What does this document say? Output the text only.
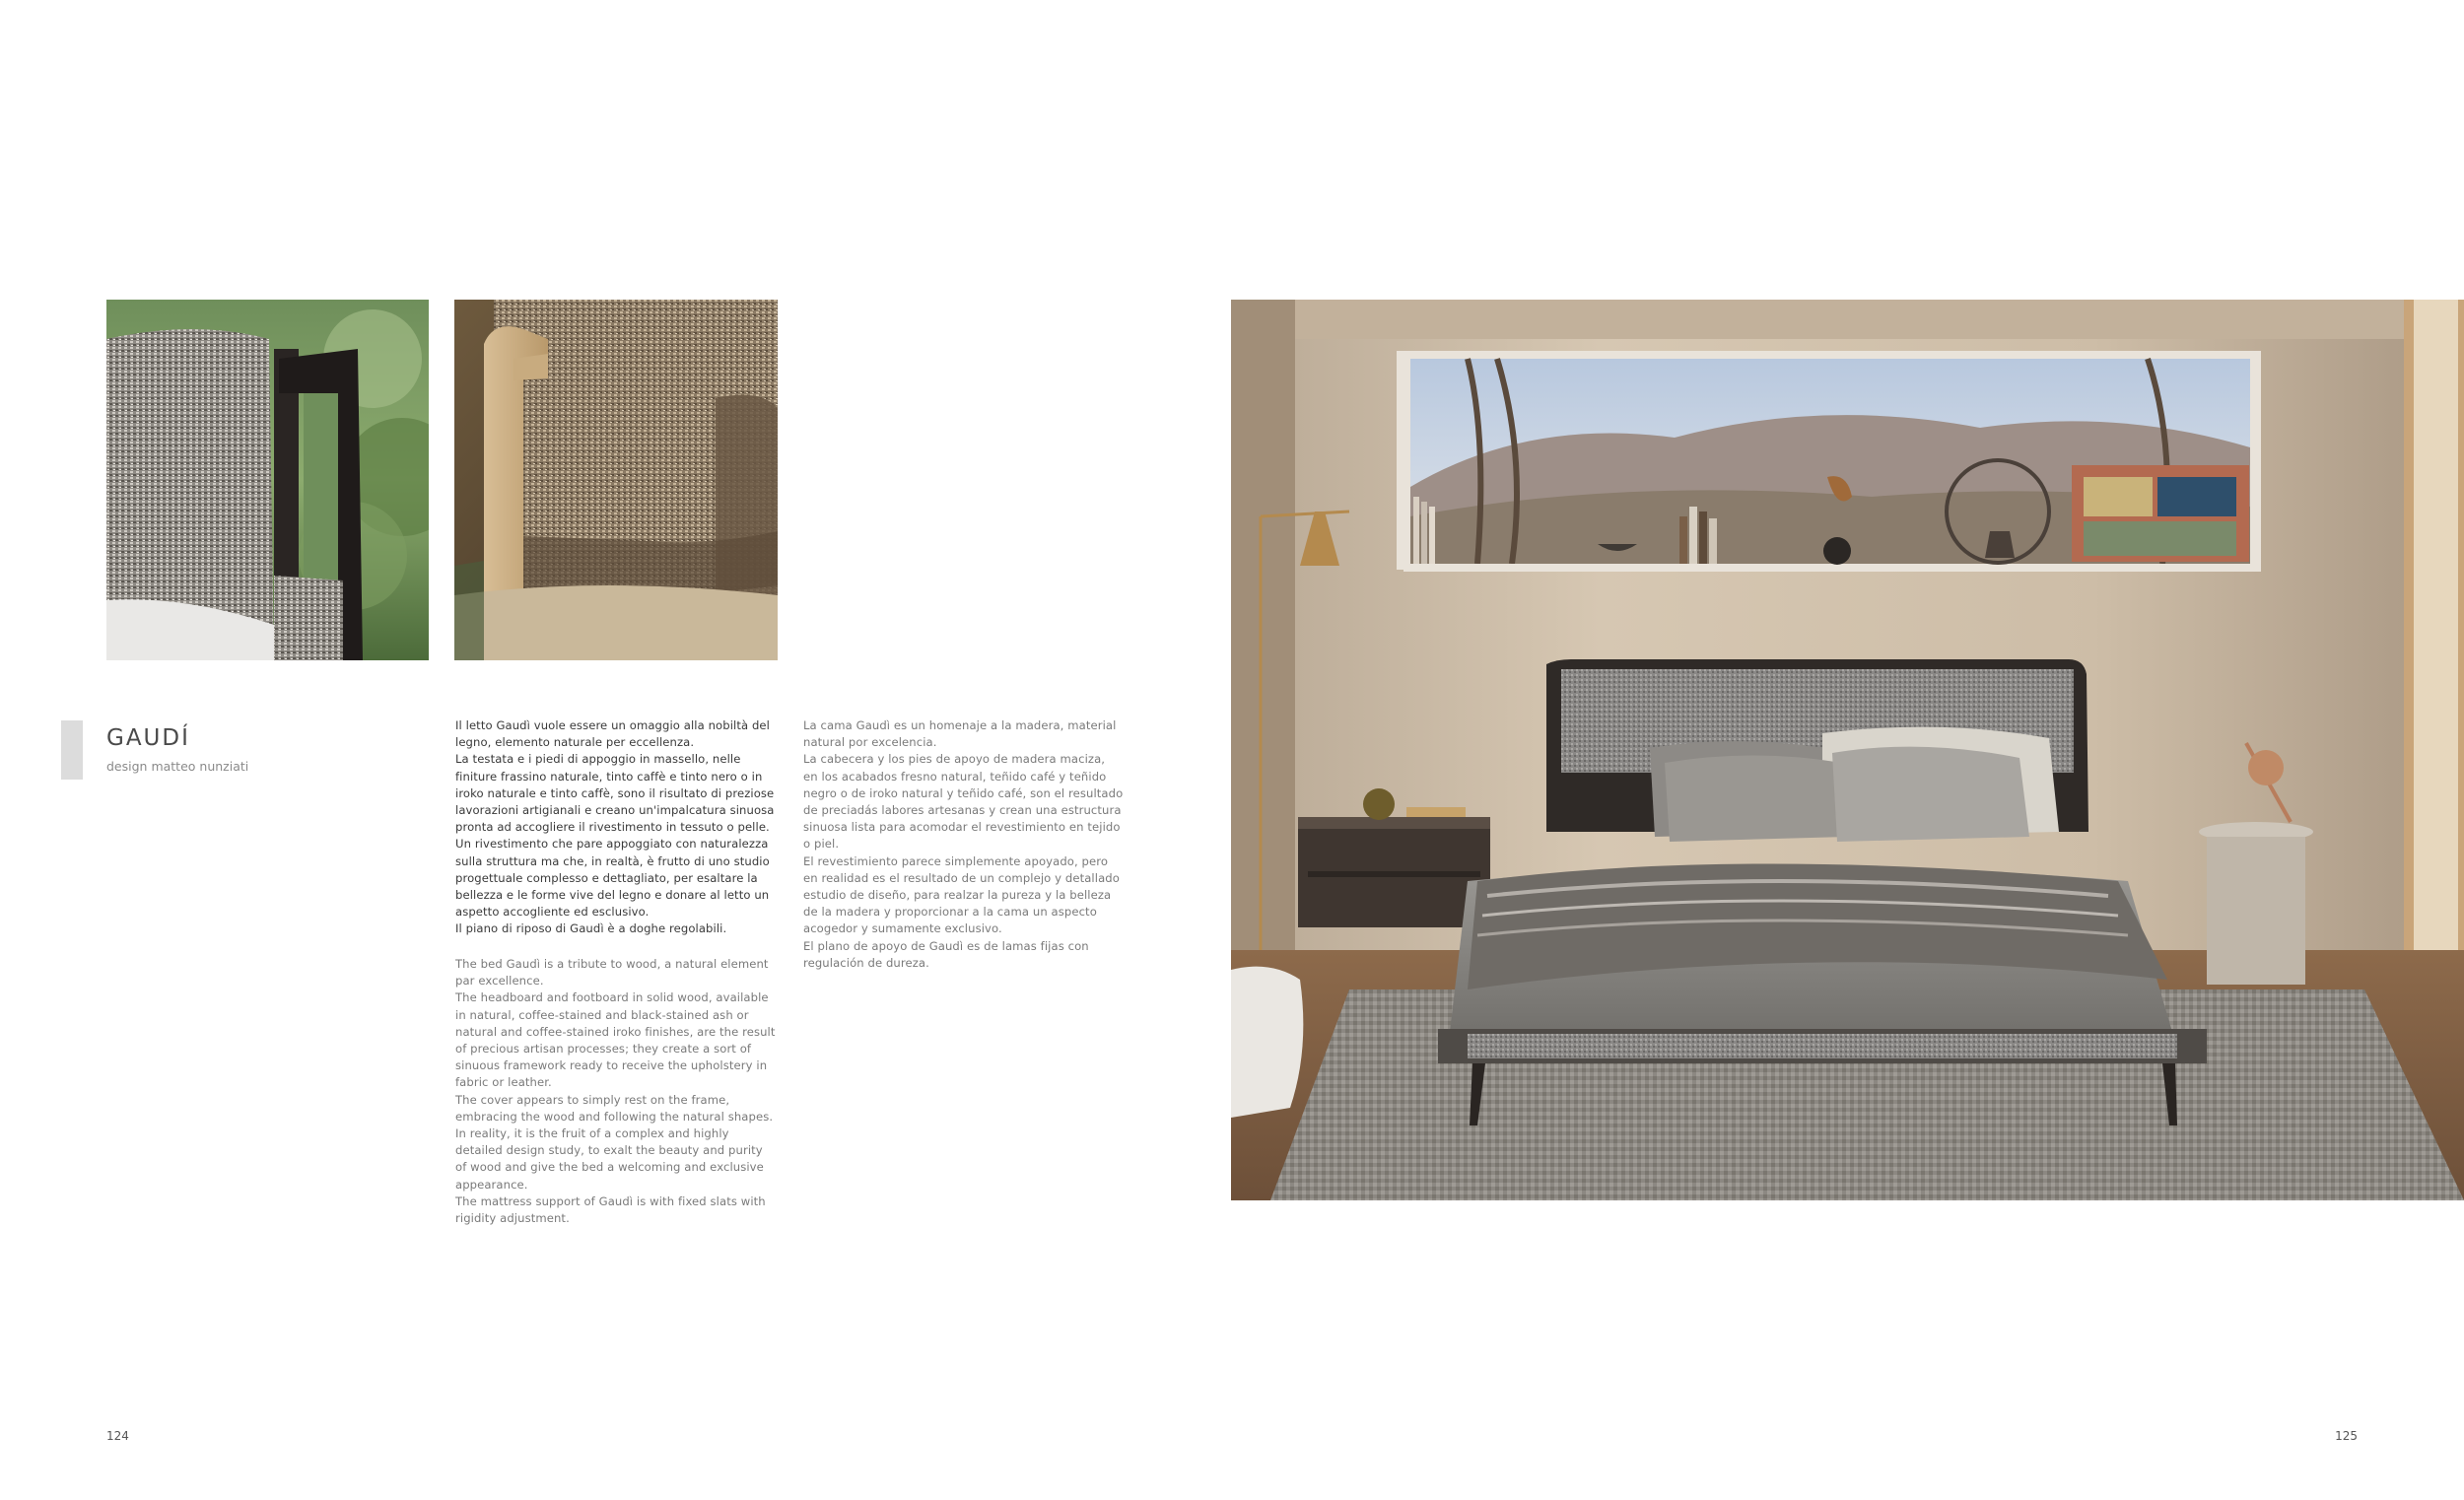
GAUDÍ

design matteo nunziati

Il letto Gaudì vuole essere un omaggio alla nobiltà del

legno, elemento naturale per eccellenza.

La testata e i piedi di appoggio in massello, nelle

finiture frassino naturale, tinto caffè e tinto nero o in

iroko naturale e tinto caffè, sono il risultato di preziose

lavorazioni artigianali e creano un'impalcatura sinuosa

pronta ad accogliere il rivestimento in tessuto o pelle.

Un rivestimento che pare appoggiato con naturalezza

sulla struttura ma che, in realtà, è frutto di uno studio

progettuale complesso e dettagliato, per esaltare la

bellezza e le forme vive del legno e donare al letto un

aspetto accogliente ed esclusivo.

Il piano di riposo di Gaudì è a doghe regolabili.

The bed Gaudì is a tribute to wood, a natural element

par excellence.

The headboard and footboard in solid wood, available

in natural, coffee-stained and black-stained ash or

natural and coffee-stained iroko finishes, are the result

of precious artisan processes; they create a sort of

sinuous framework ready to receive the upholstery in

fabric or leather.

The cover appears to simply rest on the frame,

embracing the wood and following the natural shapes.

In reality, it is the fruit of a complex and highly

detailed design study, to exalt the beauty and purity

of wood and give the bed a welcoming and exclusive

appearance.

The mattress support of Gaudì is with fixed slats with

rigidity adjustment.

La cama Gaudì es un homenaje a la madera, material

natural por excelencia.

La cabecera y los pies de apoyo de madera maciza,

en los acabados fresno natural, teñido café y teñido

negro o de iroko natural y teñido café, son el resultado

de preciadás labores artesanas y crean una estructura

sinuosa lista para acomodar el revestimiento en tejido

o piel.

El revestimiento parece simplemente apoyado, pero

en realidad es el resultado de un complejo y detallado

estudio de diseño, para realzar la pureza y la belleza

de la madera y proporcionar a la cama un aspecto

acogedor y sumamente exclusivo.

El plano de apoyo de Gaudì es de lamas fijas con

regulación de dureza.

124	125
